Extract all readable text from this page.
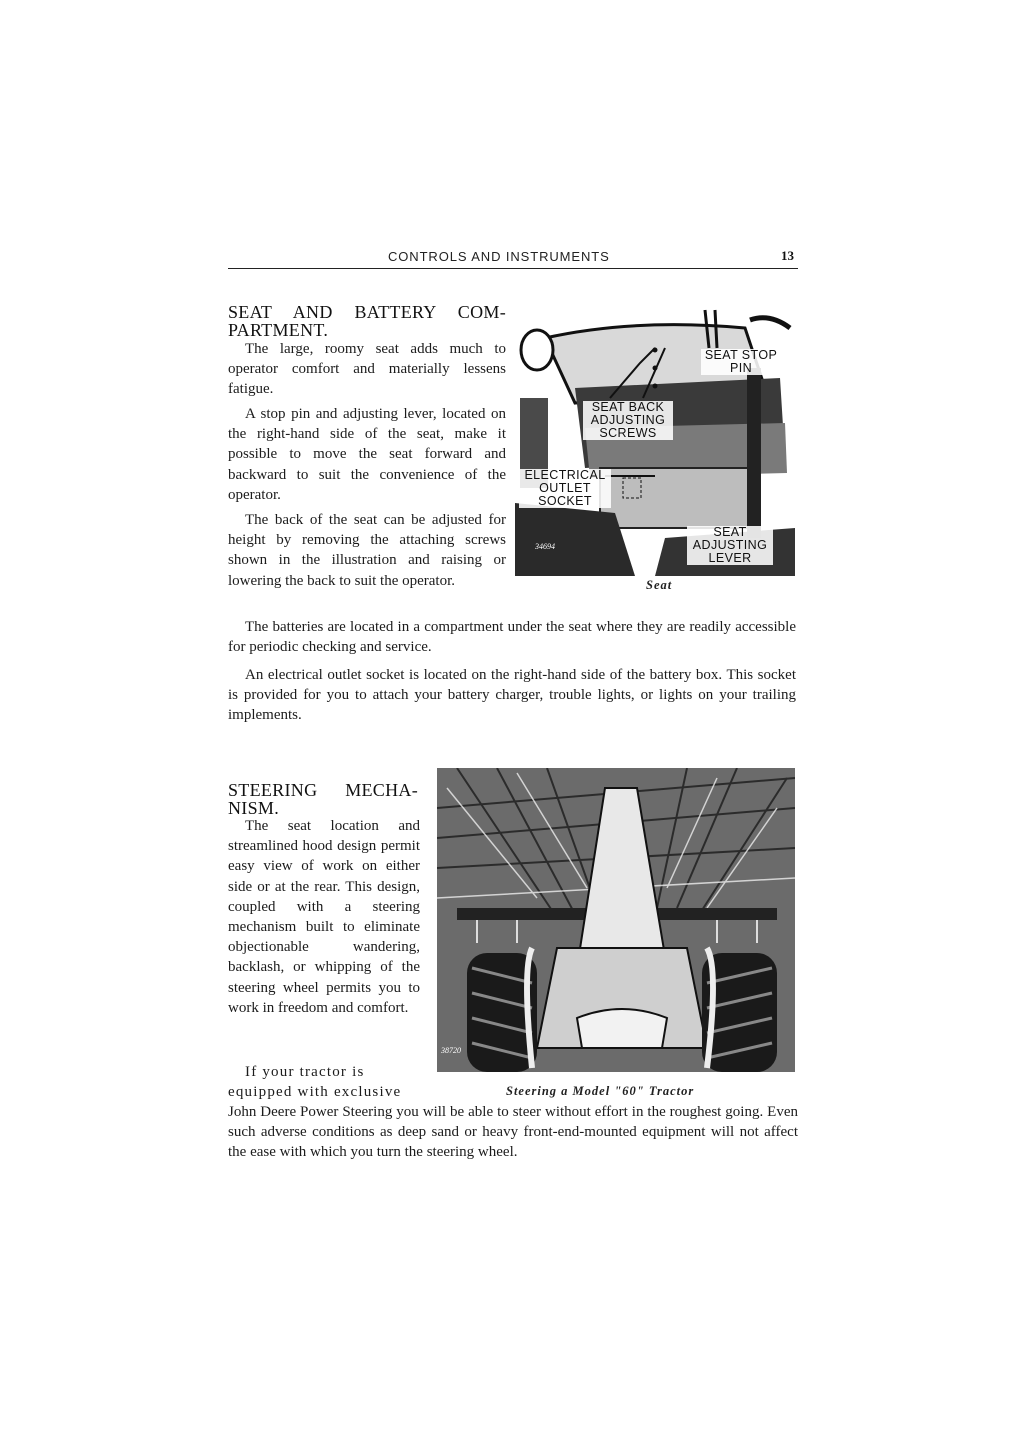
CONTROLS AND INSTRUMENTS	13
SEAT AND BATTERY COM-
PARTMENT.

The large, roomy seat adds much to operator comfort and materially lessens fatigue.

A stop pin and adjusting lever, located on the right-hand side of the seat, make it possible to move the seat forward and backward to suit the convenience of the operator.

The back of the seat can be adjusted for height by removing the attaching screws shown in the illustration and raising or lowering the back to suit the operator.

SEAT STOP PIN
SEAT BACK ADJUSTING SCREWS
ELECTRICAL OUTLET SOCKET
SEAT ADJUSTING LEVER
34694
Seat

The batteries are located in a compartment under the seat where they are readily accessible for periodic checking and service.

An electrical outlet socket is located on the right-hand side of the battery box. This socket is provided for you to attach your battery charger, trouble lights, or lights on your trailing implements.

STEERING MECHA-
NISM.

The seat location and streamlined hood design permit easy view of work on either side or at the rear. This design, coupled with a steering mechanism built to eliminate objectionable wandering, backlash, or whipping of the steering wheel permits you to work in freedom and comfort.

38720
If your tractor is equipped with exclusive	Steering a Model "60" Tractor

John Deere Power Steering you will be able to steer without effort in the roughest going. Even such adverse conditions as deep sand or heavy front-end-mounted equipment will not affect the ease with which you turn the steering wheel.
